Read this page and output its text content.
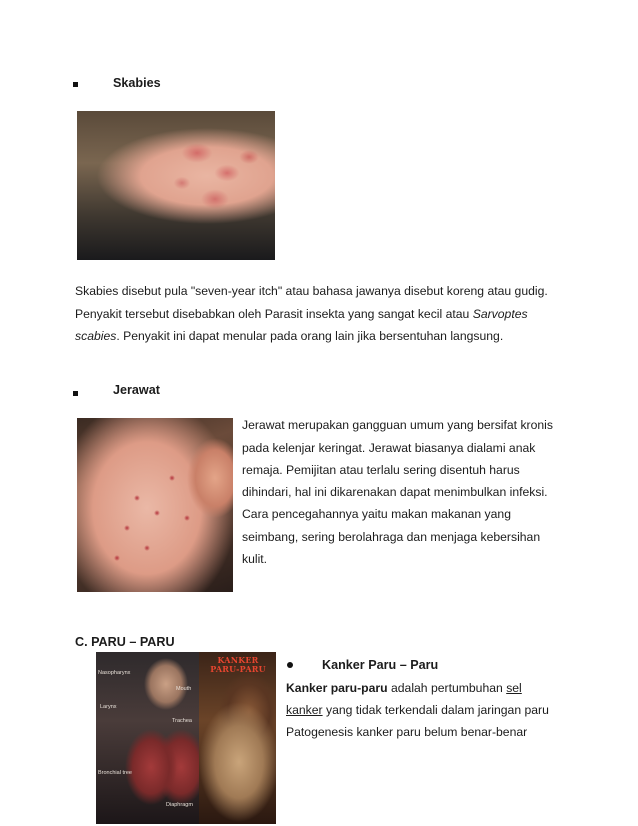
Skabies
Skabies disebut pula "seven-year itch" atau bahasa jawanya disebut koreng atau gudig.
Penyakit tersebut disebabkan oleh Parasit insekta yang sangat kecil atau Sarvoptes
scabies. Penyakit ini dapat menular pada orang lain jika bersentuhan langsung.
Jerawat
Jerawat merupakan gangguan umum yang bersifat kronis
pada kelenjar keringat. Jerawat biasanya dialami anak
remaja. Pemijitan atau terlalu sering disentuh harus
dihindari, hal ini dikarenakan dapat menimbulkan infeksi.
Cara pencegahannya yaitu makan makanan yang
seimbang, sering berolahraga dan menjaga kebersihan
kulit.
C. PARU – PARU
Nasopharynx
Mouth
Larynx
Trachea
Bronchial tree
Diaphragm
KANKER PARU-PARU	Kanker Paru – Paru
Kanker paru-paru adalah pertumbuhan sel
kanker yang tidak terkendali dalam jaringan paru
Patogenesis kanker paru belum benar-benar
